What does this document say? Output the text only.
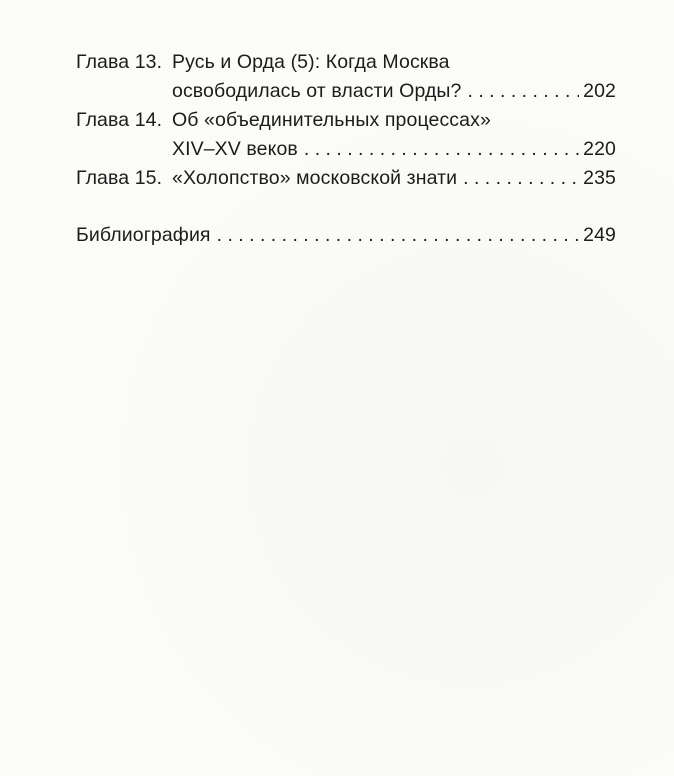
Глава 13. Русь и Орда (5): Когда Москва
освободилась от власти Орды? . . .	202
Глава 14. Об «объединительных процессах»
XIV–XV веков . . .	220
Глава 15. «Холопство» московской знати . . .	235
Библиография . . .	249
